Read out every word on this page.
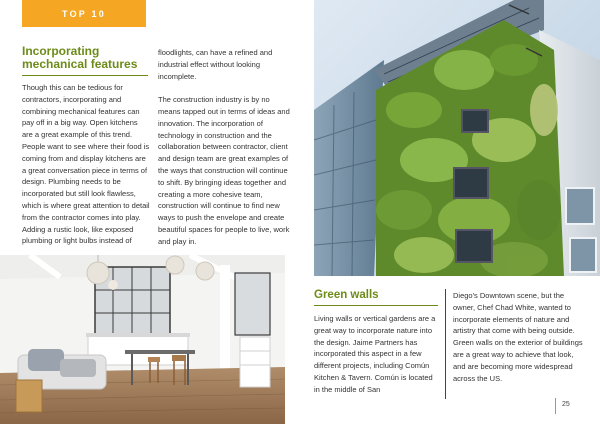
TOP 10
Incorporating mechanical features

Though this can be tedious for contractors, incorporating and combining mechanical features can pay off in a big way. Open kitchens are a great example of this trend. People want to see where their food is coming from and display kitchens are a great conversation piece in terms of design. Plumbing needs to be incorporated but still look flawless, which is where great attention to detail from the contractor comes into play. Adding a rustic look, like exposed plumbing or light bulbs instead of

floodlights, can have a refined and industrial effect without looking incomplete.

The construction industry is by no means tapped out in terms of ideas and innovation. The incorporation of technology in construction and the collaboration between contractor, client and design team are great examples of the ways that construction will continue to shift. By bringing ideas together and creating a more cohesive team, construction will continue to find new ways to push the envelope and create beautiful spaces for people to live, work and play in.

Green walls

Living walls or vertical gardens are a great way to incorporate nature into the design. Jaime Partners has incorporated this aspect in a few different projects, including Común Kitchen & Tavern. Común is located in the middle of San

Diego's Downtown scene, but the owner, Chef Chad White, wanted to incorporate elements of nature and artistry that come with being outside. Green walls on the exterior of buildings are a great way to achieve that look, and are becoming more widespread across the US.

25
